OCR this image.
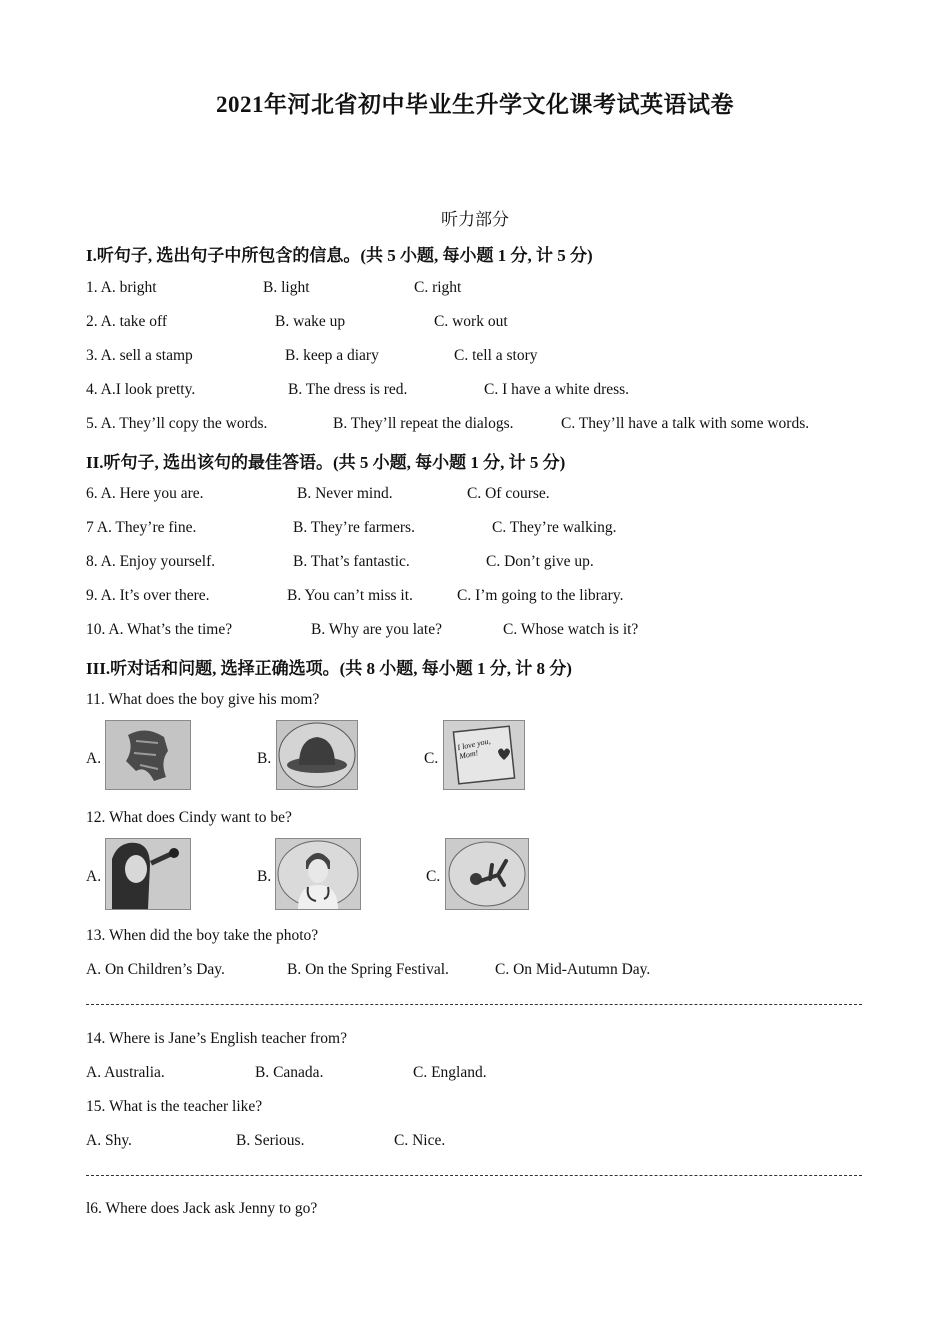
2021年河北省初中毕业生升学文化课考试英语试卷
听力部分
I.听句子, 选出句子中所包含的信息。(共 5 小题, 每小题 1 分, 计 5 分)
1. A. bright	B. light	C. right
2. A. take off	B. wake up	C. work out
3. A. sell a stamp	B. keep a diary	C. tell a story
4. A.I look pretty.	B. The dress is red.	C. I have a white dress.
5. A. They’ll copy the words.	B. They’ll repeat the dialogs.	C. They’ll have a talk with some words.
II.听句子, 选出该句的最佳答语。(共 5 小题, 每小题 1 分, 计 5 分)
6. A. Here you are.	B. Never mind.	C. Of course.
7 A. They’re fine.	B. They’re farmers.	C. They’re walking.
8. A. Enjoy yourself.	B. That’s fantastic.	C. Don’t give up.
9. A. It’s over there.	B. You can’t miss it.	C. I’m going to the library.
10. A. What’s the time?	B. Why are you late?	C. Whose watch is it?
III.听对话和问题, 选择正确选项。(共 8 小题, 每小题 1 分, 计 8 分)
11. What does the boy give his mom?
A.	B.	C.
I love you, Mom!
12. What does Cindy want to be?
A.	B.	C.
13. When did the boy take the photo?
A. On Children’s Day.	B. On the Spring Festival.	C. On Mid-Autumn Day.
14. Where is Jane’s English teacher from?
A. Australia.	B. Canada.	C. England.
15. What is the teacher like?
A. Shy.	B. Serious.	C. Nice.
l6. Where does Jack ask Jenny to go?
